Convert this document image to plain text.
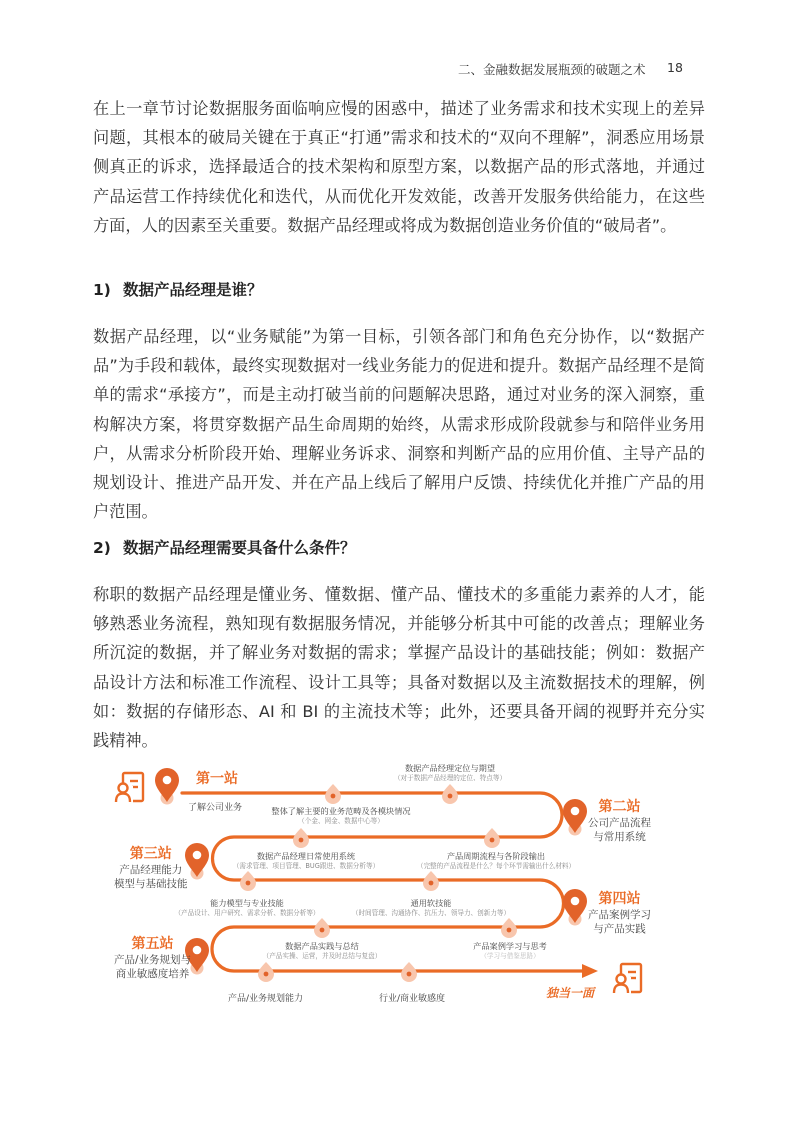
二、金融数据发展瓶颈的破题之术 18

在上一章节讨论数据服务面临响应慢的困惑中，描述了业务需求和技术实现上的差异问题，其根本的破局关键在于真正“打通”需求和技术的“双向不理解”，洞悉应用场景侧真正的诉求，选择最适合的技术架构和原型方案，以数据产品的形式落地，并通过产品运营工作持续优化和迭代，从而优化开发效能，改善开发服务供给能力，在这些方面，人的因素至关重要。数据产品经理或将成为数据创造业务价值的“破局者”。

1) 数据产品经理是谁？

数据产品经理，以“业务赋能”为第一目标，引领各部门和角色充分协作，以“数据产品”为手段和载体，最终实现数据对一线业务能力的促进和提升。数据产品经理不是简单的需求“承接方”，而是主动打破当前的问题解决思路，通过对业务的深入洞察，重构解决方案，将贯穿数据产品生命周期的始终，从需求形成阶段就参与和陪伴业务用户，从需求分析阶段开始、理解业务诉求、洞察和判断产品的应用价值、主导产品的规划设计、推进产品开发、并在产品上线后了解用户反馈、持续优化并推广产品的用户范围。

2) 数据产品经理需要具备什么条件？

称职的数据产品经理是懂业务、懂数据、懂产品、懂技术的多重能力素养的人才，能够熟悉业务流程，熟知现有数据服务情况，并能够分析其中可能的改善点；理解业务所沉淀的数据，并了解业务对数据的需求；掌握产品设计的基础技能；例如：数据产品设计方法和标准工作流程、设计工具等；具备对数据以及主流数据技术的理解，例如：数据的存储形态、AI 和 BI 的主流技术等；此外，还要具备开阔的视野并充分实践精神。

第一站
了解公司业务	第二站
公司产品流程
与常用系统
第三站
产品经理能力
模型与基础技能
第四站
产品案例学习
与产品实践
第五站
产品/业务规划与
商业敏感度培养
整体了解主要的业务范畴及各模块情况
（个金、网金、数据中心等）
数据产品经理定位与期望
（对于数据产品经理的定位、特点等）
数据产品经理日常使用系统
（需求管理、项目管理、BUG跟进、数据分析等）
产品周期流程与各阶段输出
（完整的产品流程是什么？每个环节需输出什么材料）
能力模型与专业技能
（产品设计、用户研究、需求分析、数据分析等）
通用软技能
（时间管理、沟通协作、抗压力、领导力、创新力等）
数据产品实践与总结
（产品实操、运营，并及时总结与复盘）
产品案例学习与思考
（学习与借鉴思路）
产品/业务规划能力	行业/商业敏感度	独当一面
